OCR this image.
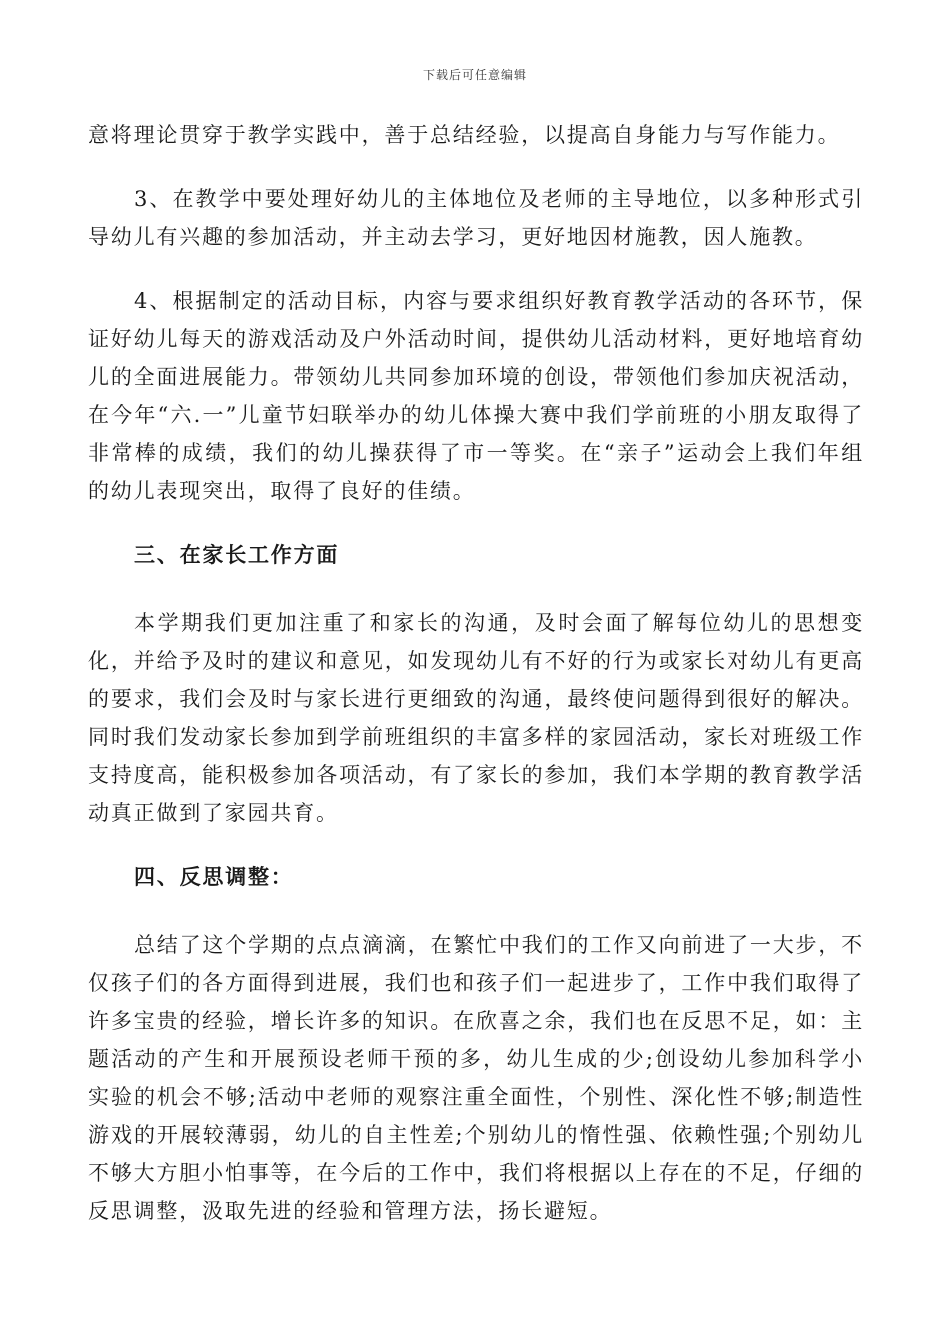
下载后可任意编辑

意将理论贯穿于教学实践中，善于总结经验，以提高自身能力与写作能力。

3、在教学中要处理好幼儿的主体地位及老师的主导地位，以多种形式引导幼儿有兴趣的参加活动，并主动去学习，更好地因材施教，因人施教。

4、根据制定的活动目标，内容与要求组织好教育教学活动的各环节，保证好幼儿每天的游戏活动及户外活动时间，提供幼儿活动材料，更好地培育幼儿的全面进展能力。带领幼儿共同参加环境的创设，带领他们参加庆祝活动，在今年“六.一”儿童节妇联举办的幼儿体操大赛中我们学前班的小朋友取得了非常棒的成绩，我们的幼儿操获得了市一等奖。在“亲子”运动会上我们年组的幼儿表现突出，取得了良好的佳绩。

三、在家长工作方面

本学期我们更加注重了和家长的沟通，及时会面了解每位幼儿的思想变化，并给予及时的建议和意见，如发现幼儿有不好的行为或家长对幼儿有更高的要求，我们会及时与家长进行更细致的沟通，最终使问题得到很好的解决。同时我们发动家长参加到学前班组织的丰富多样的家园活动，家长对班级工作支持度高，能积极参加各项活动，有了家长的参加，我们本学期的教育教学活动真正做到了家园共育。

四、反思调整：

总结了这个学期的点点滴滴，在繁忙中我们的工作又向前进了一大步，不仅孩子们的各方面得到进展，我们也和孩子们一起进步了，工作中我们取得了许多宝贵的经验，增长许多的知识。在欣喜之余，我们也在反思不足，如：主题活动的产生和开展预设老师干预的多，幼儿生成的少;创设幼儿参加科学小实验的机会不够;活动中老师的观察注重全面性，个别性、深化性不够;制造性游戏的开展较薄弱，幼儿的自主性差;个别幼儿的惰性强、依赖性强;个别幼儿不够大方胆小怕事等，在今后的工作中，我们将根据以上存在的不足，仔细的反思调整，汲取先进的经验和管理方法，扬长避短。
